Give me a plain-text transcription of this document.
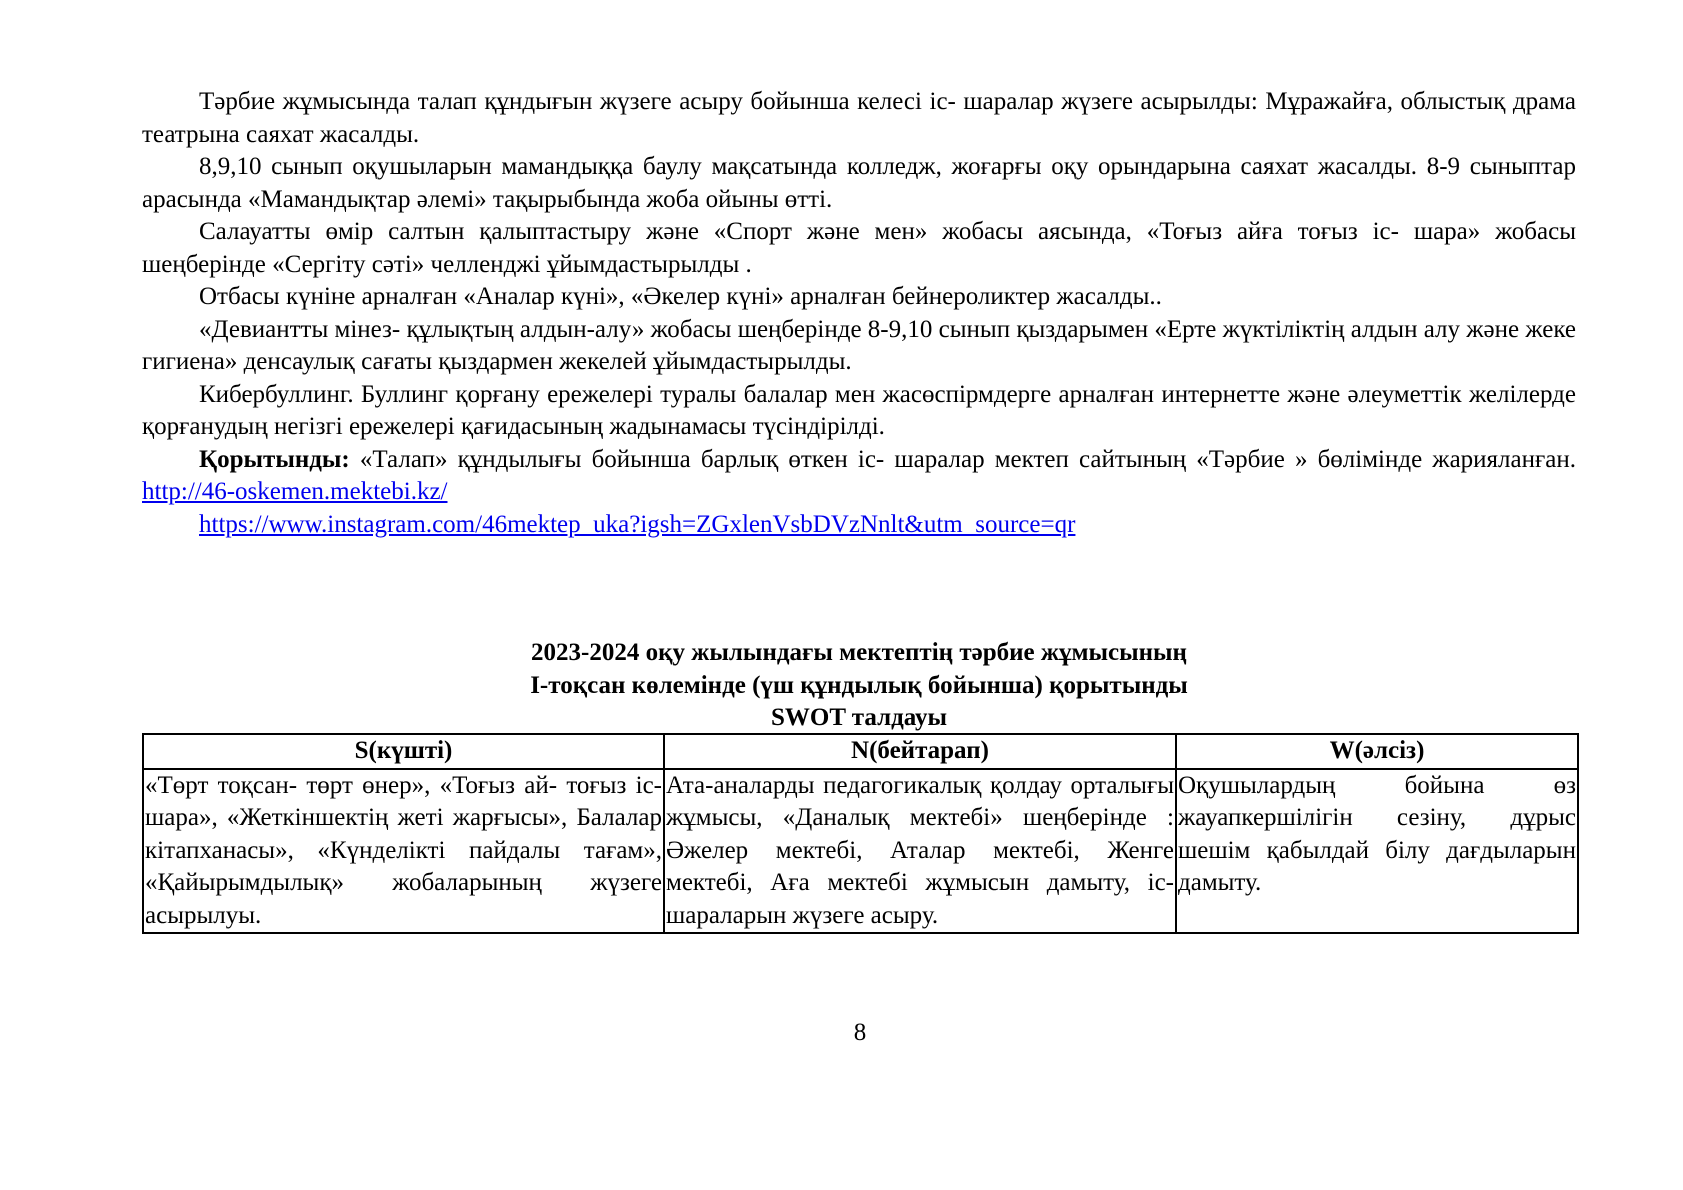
Тәрбие жұмысында талап құндығын жүзеге асыру бойынша келесі іс- шаралар жүзеге асырылды: Мұражайға, облыстық драма театрына саяхат жасалды.

8,9,10 сынып оқушыларын мамандыққа баулу мақсатында колледж, жоғарғы оқу орындарына саяхат жасалды. 8-9 сыныптар арасында «Мамандықтар әлемі» тақырыбында жоба ойыны өтті.

Салауатты өмір салтын қалыптастыру және «Спорт және мен» жобасы аясында, «Тоғыз айға тоғыз іс- шара» жобасы шеңберінде «Сергіту сәті» челленджі ұйымдастырылды .

Отбасы күніне арналған «Аналар күні», «Әкелер күні» арналған бейнероликтер жасалды..

«Девиантты мінез- құлықтың алдын-алу» жобасы шеңберінде 8-9,10 сынып қыздарымен «Ерте жүктіліктің алдын алу және жеке гигиена» денсаулық сағаты қыздармен жекелей ұйымдастырылды.

Кибербуллинг. Буллинг қорғану ережелері туралы балалар мен жасөспірмдерге арналған интернетте және әлеуметтік желілерде қорғанудың негізгі ережелері қағидасының жадынамасы түсіндірілді.

Қорытынды: «Талап» құндылығы бойынша барлық өткен іс- шаралар мектеп сайтының «Тәрбие » бөлімінде жарияланған. http://46-oskemen.mektebi.kz/

https://www.instagram.com/46mektep_uka?igsh=ZGxlenVsbDVzNnlt&utm_source=qr

2023-2024 оқу жылындағы мектептің тәрбие жұмысының
І-тоқсан көлемінде (үш құндылық бойынша) қорытынды
SWOT талдауы
S(күшті)	N(бейтарап)	W(әлсіз)
«Төрт тоқсан- төрт өнер», «Тоғыз ай- тоғыз іс- шара», «Жеткіншектің жеті жарғысы», Балалар кітапханасы», «Күнделікті пайдалы тағам», «Қайырымдылық» жобаларының жүзеге асырылуы.	Ата-аналарды педагогикалық қолдау орталығы жұмысы, «Даналық мектебі» шеңберінде : Әжелер мектебі, Аталар мектебі, Женге мектебі, Аға мектебі жұмысын дамыту, іс- шараларын жүзеге асыру.	Оқушылардың бойына өз жауапкершілігін сезіну, дұрыс шешім қабылдай білу дағдыларын дамыту.
8
